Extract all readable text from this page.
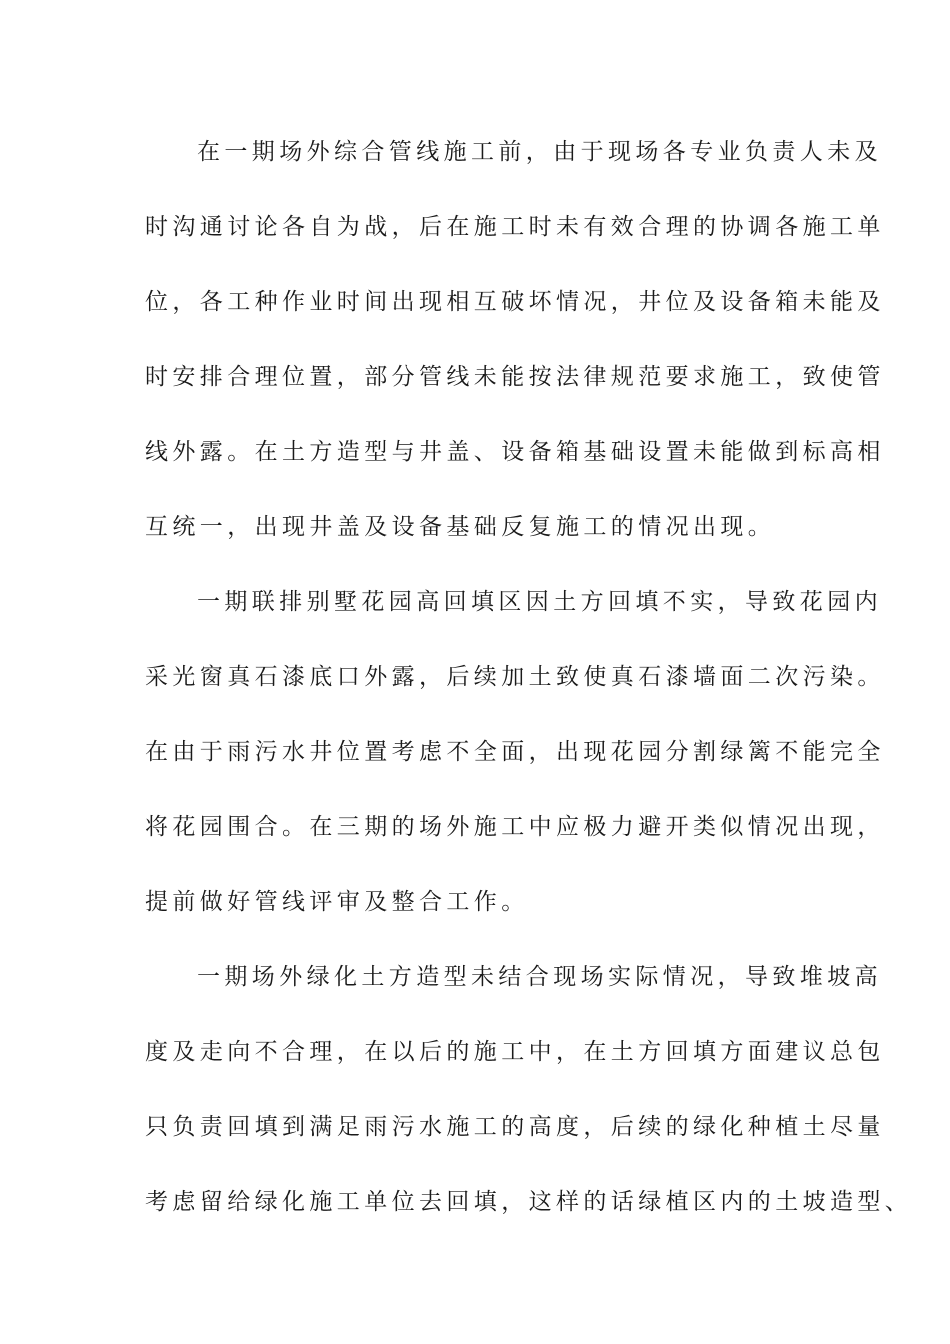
在一期场外综合管线施工前，由于现场各专业负责人未及
时沟通讨论各自为战，后在施工时未有效合理的协调各施工单
位，各工种作业时间出现相互破坏情况，井位及设备箱未能及
时安排合理位置，部分管线未能按法律规范要求施工，致使管
线外露。在土方造型与井盖、设备箱基础设置未能做到标高相
互统一，出现井盖及设备基础反复施工的情况出现。
一期联排别墅花园高回填区因土方回填不实，导致花园内
采光窗真石漆底口外露，后续加土致使真石漆墙面二次污染。
在由于雨污水井位置考虑不全面，出现花园分割绿篱不能完全
将花园围合。在三期的场外施工中应极力避开类似情况出现，
提前做好管线评审及整合工作。
一期场外绿化土方造型未结合现场实际情况，导致堆坡高
度及走向不合理，在以后的施工中，在土方回填方面建议总包
只负责回填到满足雨污水施工的高度，后续的绿化种植土尽量
考虑留给绿化施工单位去回填，这样的话绿植区内的土坡造型、
